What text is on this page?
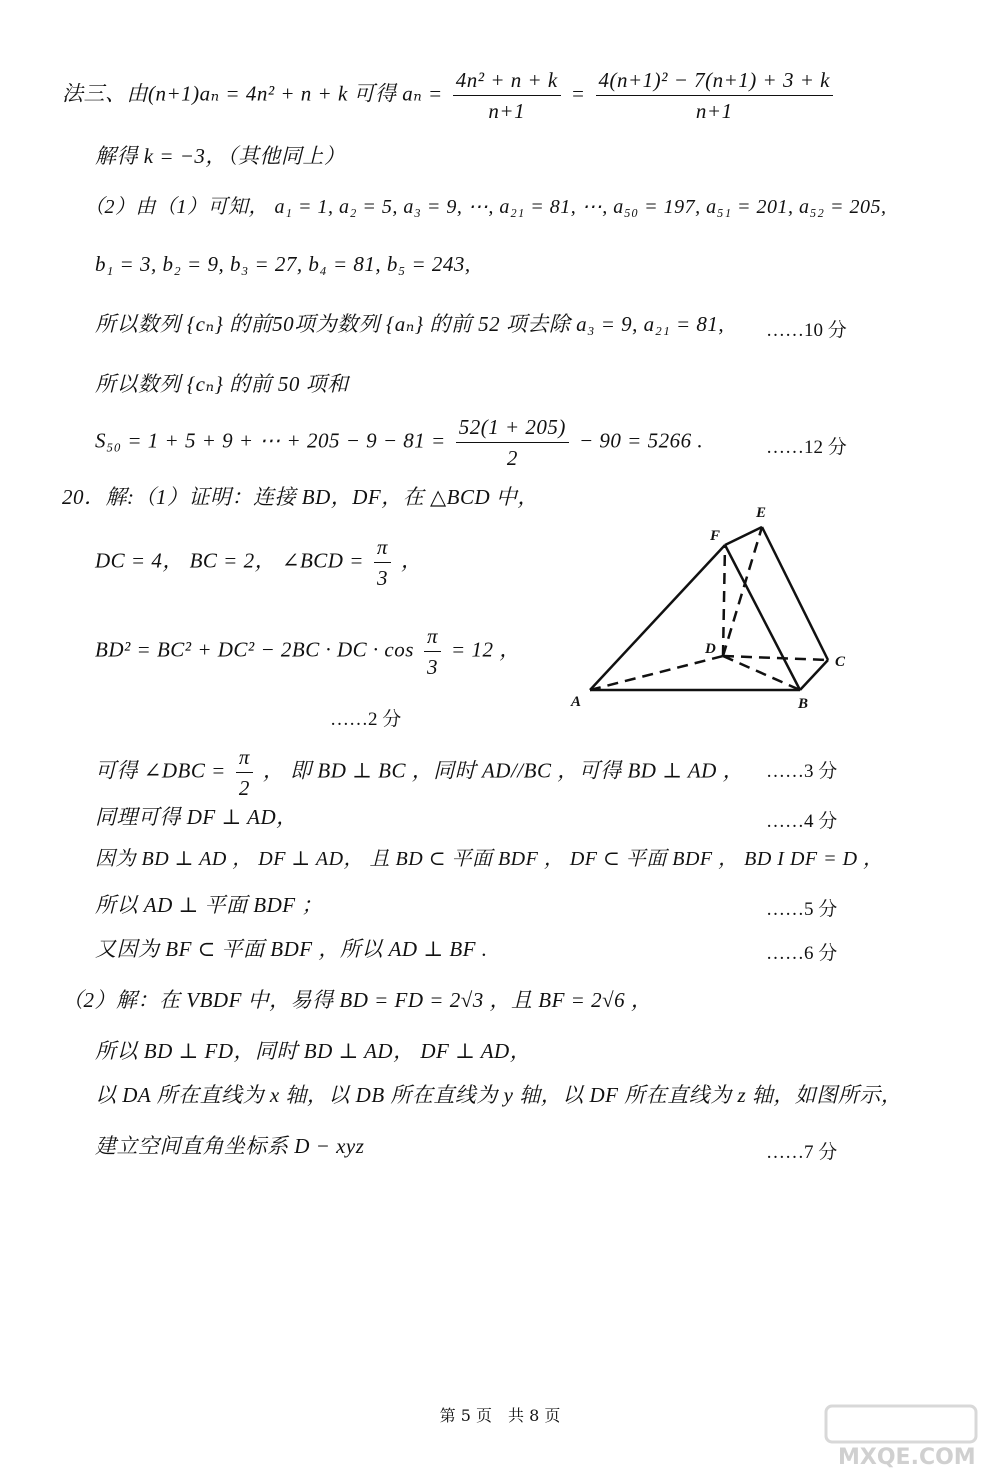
法三、由(n+1)aₙ = 4n² + n + k 可得 $a_n = \frac{\text{4n² + n + k}}{n+1} = \frac{\text{4(n+1)² − 7(n+1) + 3 + k}}{n+1}$
解得 k = −3，（其他同上）
（2）由（1）可知， a₁ = 1, a₂ = 5, a₃ = 9, ⋯, a₂₁ = 81, ⋯, a₅₀ = 197, a₅₁ = 201, a₅₂ = 205,
b₁ = 3, b₂ = 9, b₃ = 27, b₄ = 81, b₅ = 243,
所以数列 {cₙ} 的前50项为数列 {aₙ} 的前 52 项去除 a₃ = 9, a₂₁ = 81, ……10 分
所以数列 {cₙ} 的前 50 项和
S₅₀ = 1 + 5 + 9 + ⋯ + $205 - 9 - 81 = \frac{52(1 + 205)}{2} - 90 = 5266$ .	……12 分
20．解:（1）证明：连接 BD，DF，在 △BCD 中，
DC = 4， BC = 2， ∠BCD = $\frac{\pi}{3}$ ，
BD² = BC² + DC² − 2BC · DC · $\cos \frac{\pi}{3} = 12$ ，
……2 分
A	B
C
D
E
F
可得 ∠DBC = $\frac{\pi}{2}$ ， 即 BD ⊥ BC ，同时 AD//BC ，可得 BD ⊥ AD ， ……3 分
同理可得 DF ⊥ AD，	……4 分
因为 BD ⊥ AD ， DF ⊥ AD， 且 BD ⊂ 平面 BDF ， DF ⊂ 平面 BDF ， BD I DF = D ，
所以 AD ⊥ 平面 BDF ；	……5 分
又因为 BF ⊂ 平面 BDF ，所以 AD ⊥ BF .	……6 分
（2）解：在 VBDF 中，易得 BD = FD = 2√3 ，且 BF = 2√6 ，
所以 BD ⊥ FD，同时 BD ⊥ AD， DF ⊥ AD，
以 DA 所在直线为 x 轴，以 DB 所在直线为 y 轴，以 DF 所在直线为 z 轴，如图所示，
建立空间直角坐标系 D − xyz	……7 分
第 5 页　共 8 页
MXQE.COM
